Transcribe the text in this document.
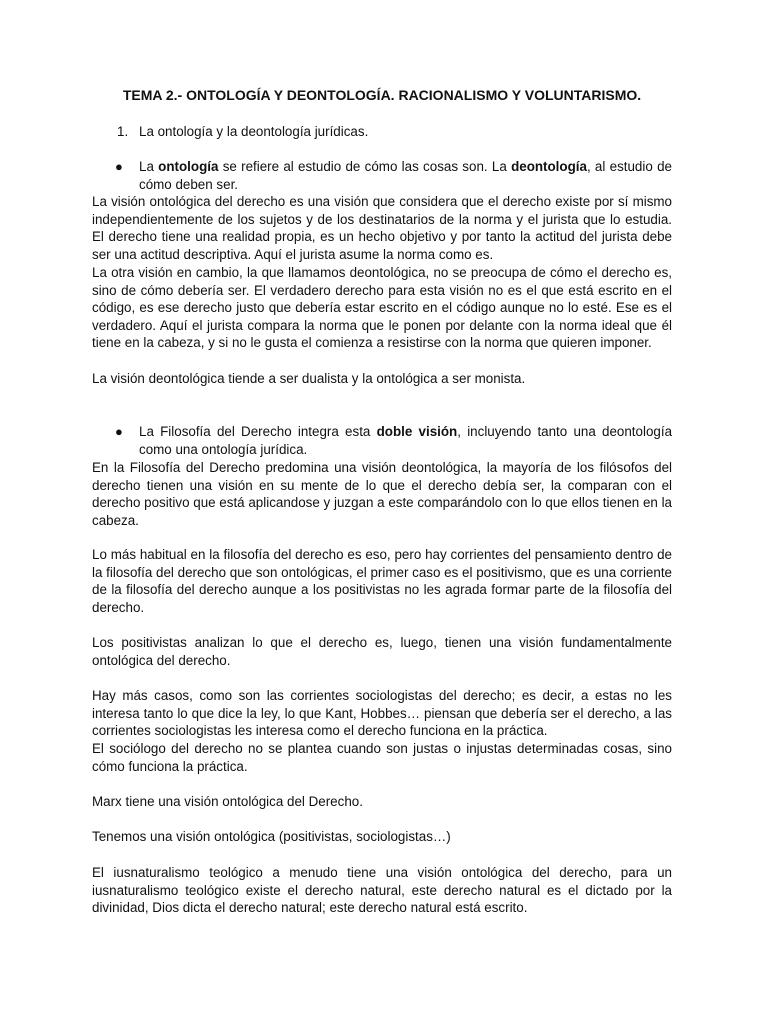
TEMA 2.- ONTOLOGÍA Y DEONTOLOGÍA. RACIONALISMO Y VOLUNTARISMO.
1. La ontología y la deontología jurídicas.
● La ontología se refiere al estudio de cómo las cosas son. La deontología, al estudio de cómo deben ser.
La visión ontológica del derecho es una visión que considera que el derecho existe por sí mismo independientemente de los sujetos y de los destinatarios de la norma y el jurista que lo estudia. El derecho tiene una realidad propia, es un hecho objetivo y por tanto la actitud del jurista debe ser una actitud descriptiva. Aquí el jurista asume la norma como es.
La otra visión en cambio, la que llamamos deontológica, no se preocupa de cómo el derecho es, sino de cómo debería ser. El verdadero derecho para esta visión no es el que está escrito en el código, es ese derecho justo que debería estar escrito en el código aunque no lo esté. Ese es el verdadero. Aquí el jurista compara la norma que le ponen por delante con la norma ideal que él tiene en la cabeza, y si no le gusta el comienza a resistirse con la norma que quieren imponer.
La visión deontológica tiende a ser dualista y la ontológica a ser monista.
● La Filosofía del Derecho integra esta doble visión, incluyendo tanto una deontología como una ontología jurídica.
En la Filosofía del Derecho predomina una visión deontológica, la mayoría de los filósofos del derecho tienen una visión en su mente de lo que el derecho debía ser, la comparan con el derecho positivo que está aplicandose y juzgan a este comparándolo con lo que ellos tienen en la cabeza.
Lo más habitual en la filosofía del derecho es eso, pero hay corrientes del pensamiento dentro de la filosofía del derecho que son ontológicas, el primer caso es el positivismo, que es una corriente de la filosofía del derecho aunque a los positivistas no les agrada formar parte de la filosofía del derecho.
Los positivistas analizan lo que el derecho es, luego, tienen una visión fundamentalmente ontológica del derecho.
Hay más casos, como son las corrientes sociologistas del derecho; es decir, a estas no les interesa tanto lo que dice la ley, lo que Kant, Hobbes… piensan que debería ser el derecho, a las corrientes sociologistas les interesa como el derecho funciona en la práctica.
El sociólogo del derecho no se plantea cuando son justas o injustas determinadas cosas, sino cómo funciona la práctica.
Marx tiene una visión ontológica del Derecho.
Tenemos una visión ontológica (positivistas, sociologistas…)
El iusnaturalismo teológico a menudo tiene una visión ontológica del derecho, para un iusnaturalismo teológico existe el derecho natural, este derecho natural es el dictado por la divinidad, Dios dicta el derecho natural; este derecho natural está escrito.
